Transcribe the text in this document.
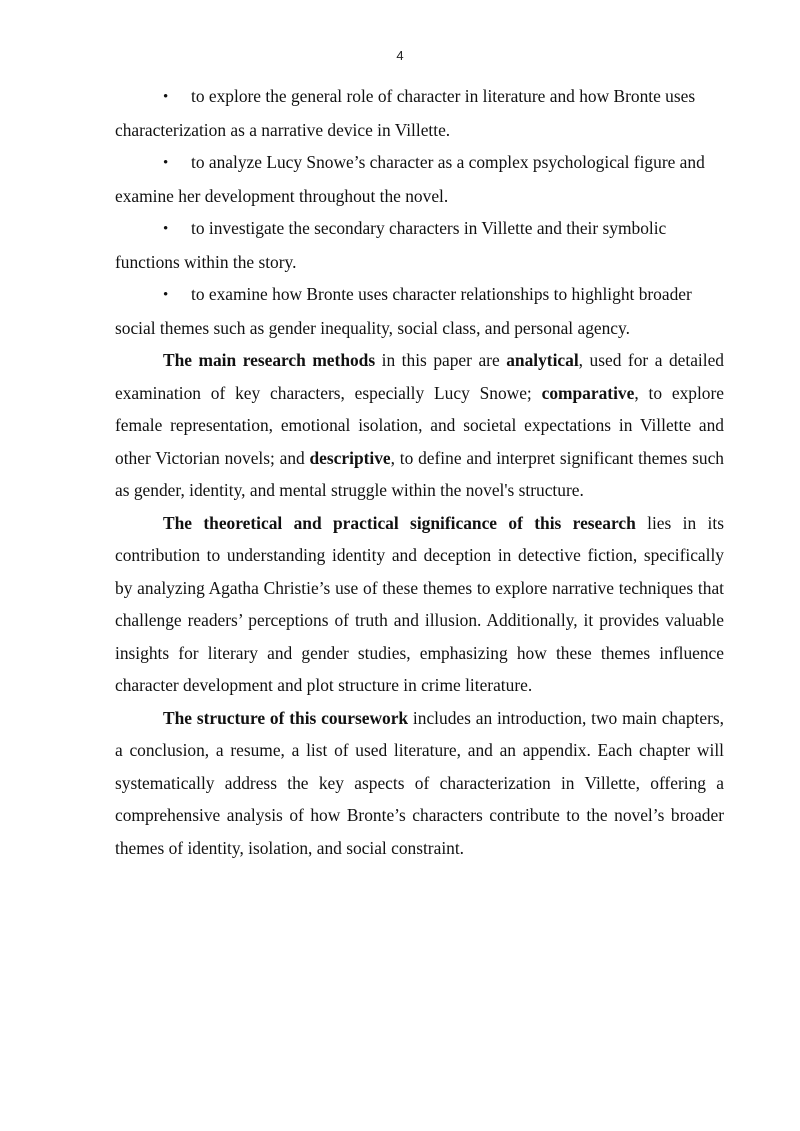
4

• to explore the general role of character in literature and how Bronte uses characterization as a narrative device in Villette.

• to analyze Lucy Snowe’s character as a complex psychological figure and examine her development throughout the novel.

• to investigate the secondary characters in Villette and their symbolic functions within the story.

• to examine how Bronte uses character relationships to highlight broader social themes such as gender inequality, social class, and personal agency.

The main research methods in this paper are analytical, used for a detailed examination of key characters, especially Lucy Snowe; comparative, to explore female representation, emotional isolation, and societal expectations in Villette and other Victorian novels; and descriptive, to define and interpret significant themes such as gender, identity, and mental struggle within the novel's structure.

The theoretical and practical significance of this research lies in its contribution to understanding identity and deception in detective fiction, specifically by analyzing Agatha Christie’s use of these themes to explore narrative techniques that challenge readers’ perceptions of truth and illusion. Additionally, it provides valuable insights for literary and gender studies, emphasizing how these themes influence character development and plot structure in crime literature.

The structure of this coursework includes an introduction, two main chapters, a conclusion, a resume, a list of used literature, and an appendix. Each chapter will systematically address the key aspects of characterization in Villette, offering a comprehensive analysis of how Bronte’s characters contribute to the novel’s broader themes of identity, isolation, and social constraint.
